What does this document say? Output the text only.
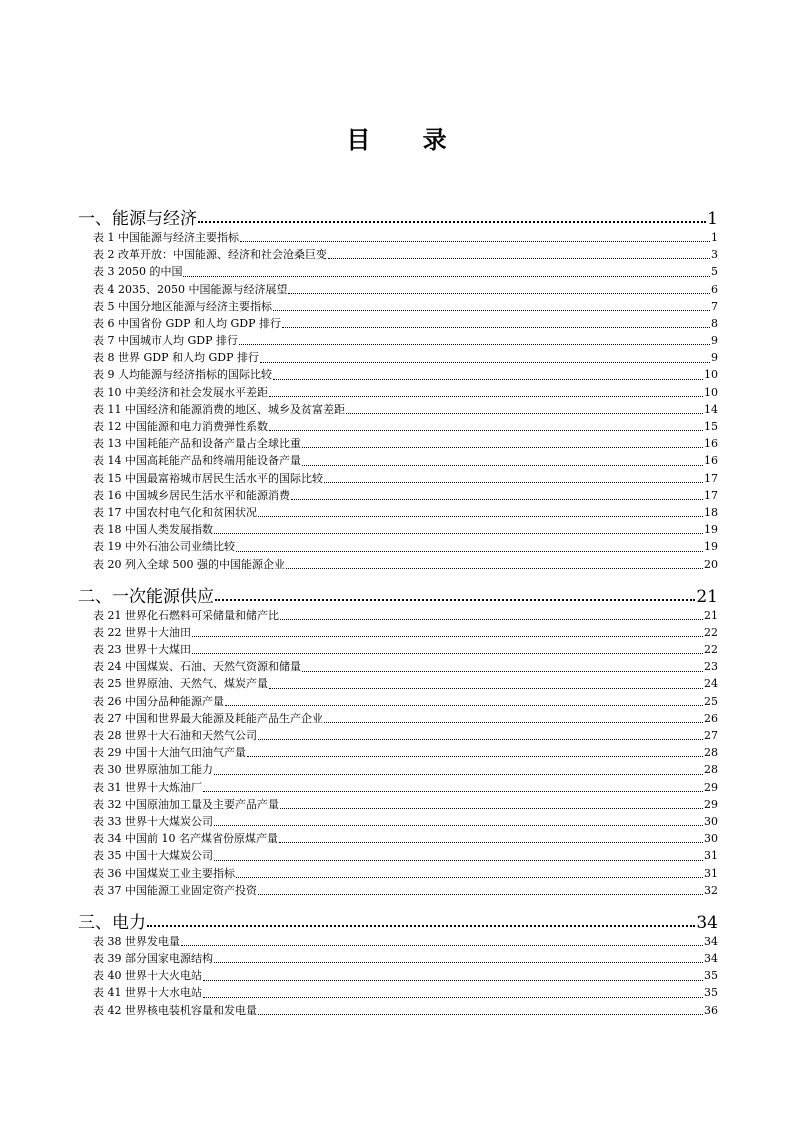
目 录
一、能源与经济	1
表 1 中国能源与经济主要指标	1
表 2 改革开放：中国能源、经济和社会沧桑巨变	3
表 3 2050 的中国	5
表 4 2035、2050 中国能源与经济展望	6
表 5 中国分地区能源与经济主要指标	7
表 6 中国省份 GDP 和人均 GDP 排行	8
表 7 中国城市人均 GDP 排行	9
表 8 世界 GDP 和人均 GDP 排行	9
表 9 人均能源与经济指标的国际比较	10
表 10 中美经济和社会发展水平差距	10
表 11 中国经济和能源消费的地区、城乡及贫富差距	14
表 12 中国能源和电力消费弹性系数	15
表 13 中国耗能产品和设备产量占全球比重	16
表 14 中国高耗能产品和终端用能设备产量	16
表 15 中国最富裕城市居民生活水平的国际比较	17
表 16 中国城乡居民生活水平和能源消费	17
表 17 中国农村电气化和贫困状况	18
表 18 中国人类发展指数	19
表 19 中外石油公司业绩比较	19
表 20 列入全球 500 强的中国能源企业	20
二、一次能源供应	21
表 21 世界化石燃料可采储量和储产比	21
表 22 世界十大油田	22
表 23 世界十大煤田	22
表 24 中国煤炭、石油、天然气资源和储量	23
表 25 世界原油、天然气、煤炭产量	24
表 26 中国分品种能源产量	25
表 27 中国和世界最大能源及耗能产品生产企业	26
表 28 世界十大石油和天然气公司	27
表 29 中国十大油气田油气产量	28
表 30 世界原油加工能力	28
表 31 世界十大炼油厂	29
表 32 中国原油加工量及主要产品产量	29
表 33 世界十大煤炭公司	30
表 34 中国前 10 名产煤省份原煤产量	30
表 35 中国十大煤炭公司	31
表 36 中国煤炭工业主要指标	31
表 37 中国能源工业固定资产投资	32
三、电力	34
表 38 世界发电量	34
表 39 部分国家电源结构	34
表 40 世界十大火电站	35
表 41 世界十大水电站	35
表 42 世界核电装机容量和发电量	36
